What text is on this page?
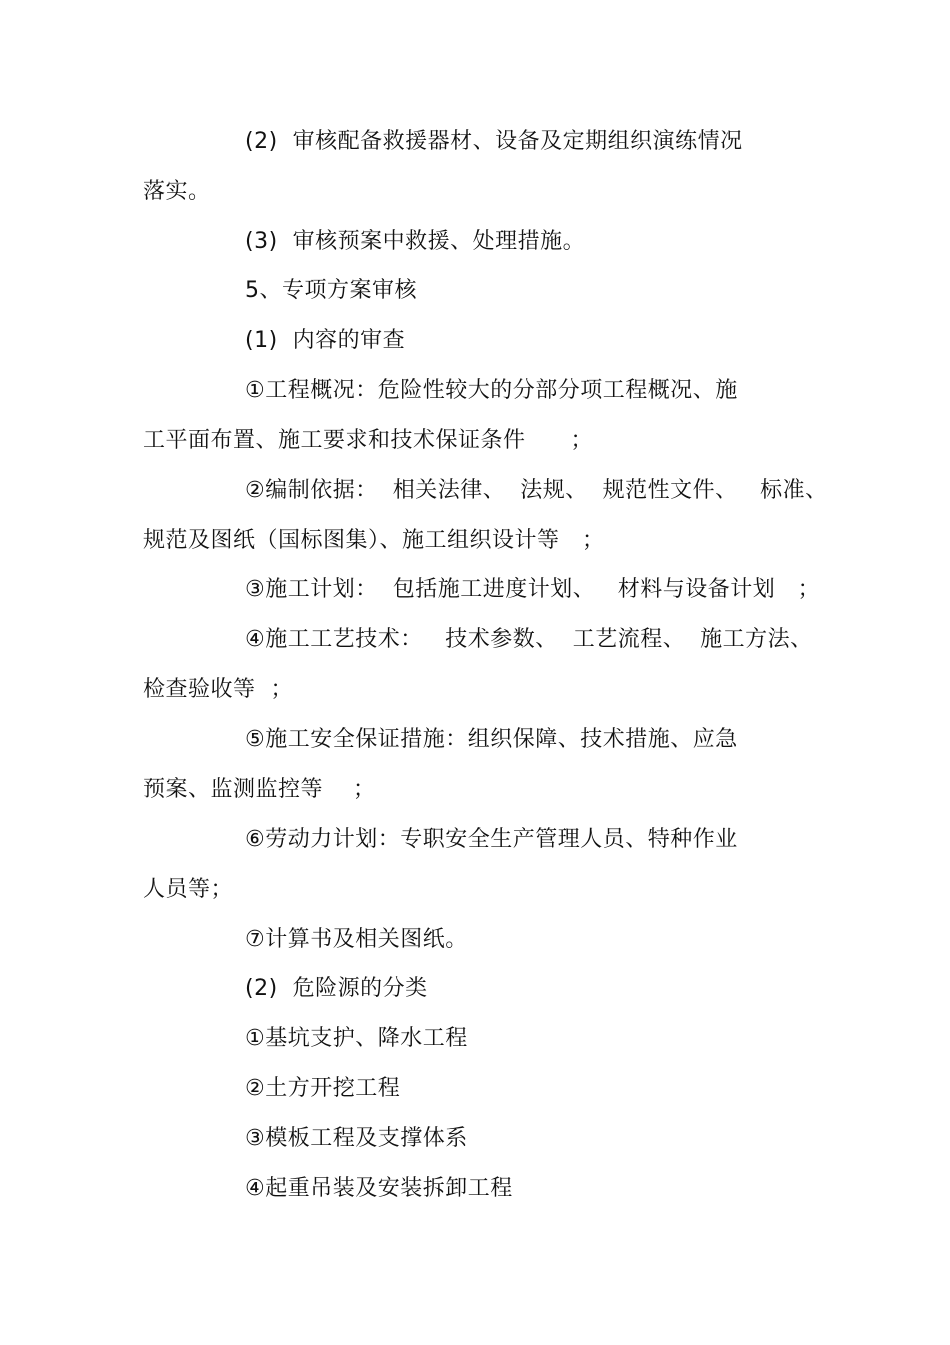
(2)  审核配备救援器材、设备及定期组织演练情况
落实。
(3)  审核预案中救援、处理措施。
5、专项方案审核
(1)  内容的审查
①工程概况：危险性较大的分部分项工程概况、施
工平面布置、施工要求和技术保证条件      ；
②编制依据：  相关法律、  法规、  规范性文件、   标准、
规范及图纸（国标图集）、施工组织设计等   ；
③施工计划：  包括施工进度计划、   材料与设备计划   ；
④施工工艺技术：   技术参数、  工艺流程、  施工方法、
检查验收等  ；
⑤施工安全保证措施：组织保障、技术措施、应急
预案、监测监控等    ；
⑥劳动力计划：专职安全生产管理人员、特种作业
人员等；
⑦计算书及相关图纸。
(2)  危险源的分类
①基坑支护、降水工程
②土方开挖工程
③模板工程及支撑体系
④起重吊装及安装拆卸工程
